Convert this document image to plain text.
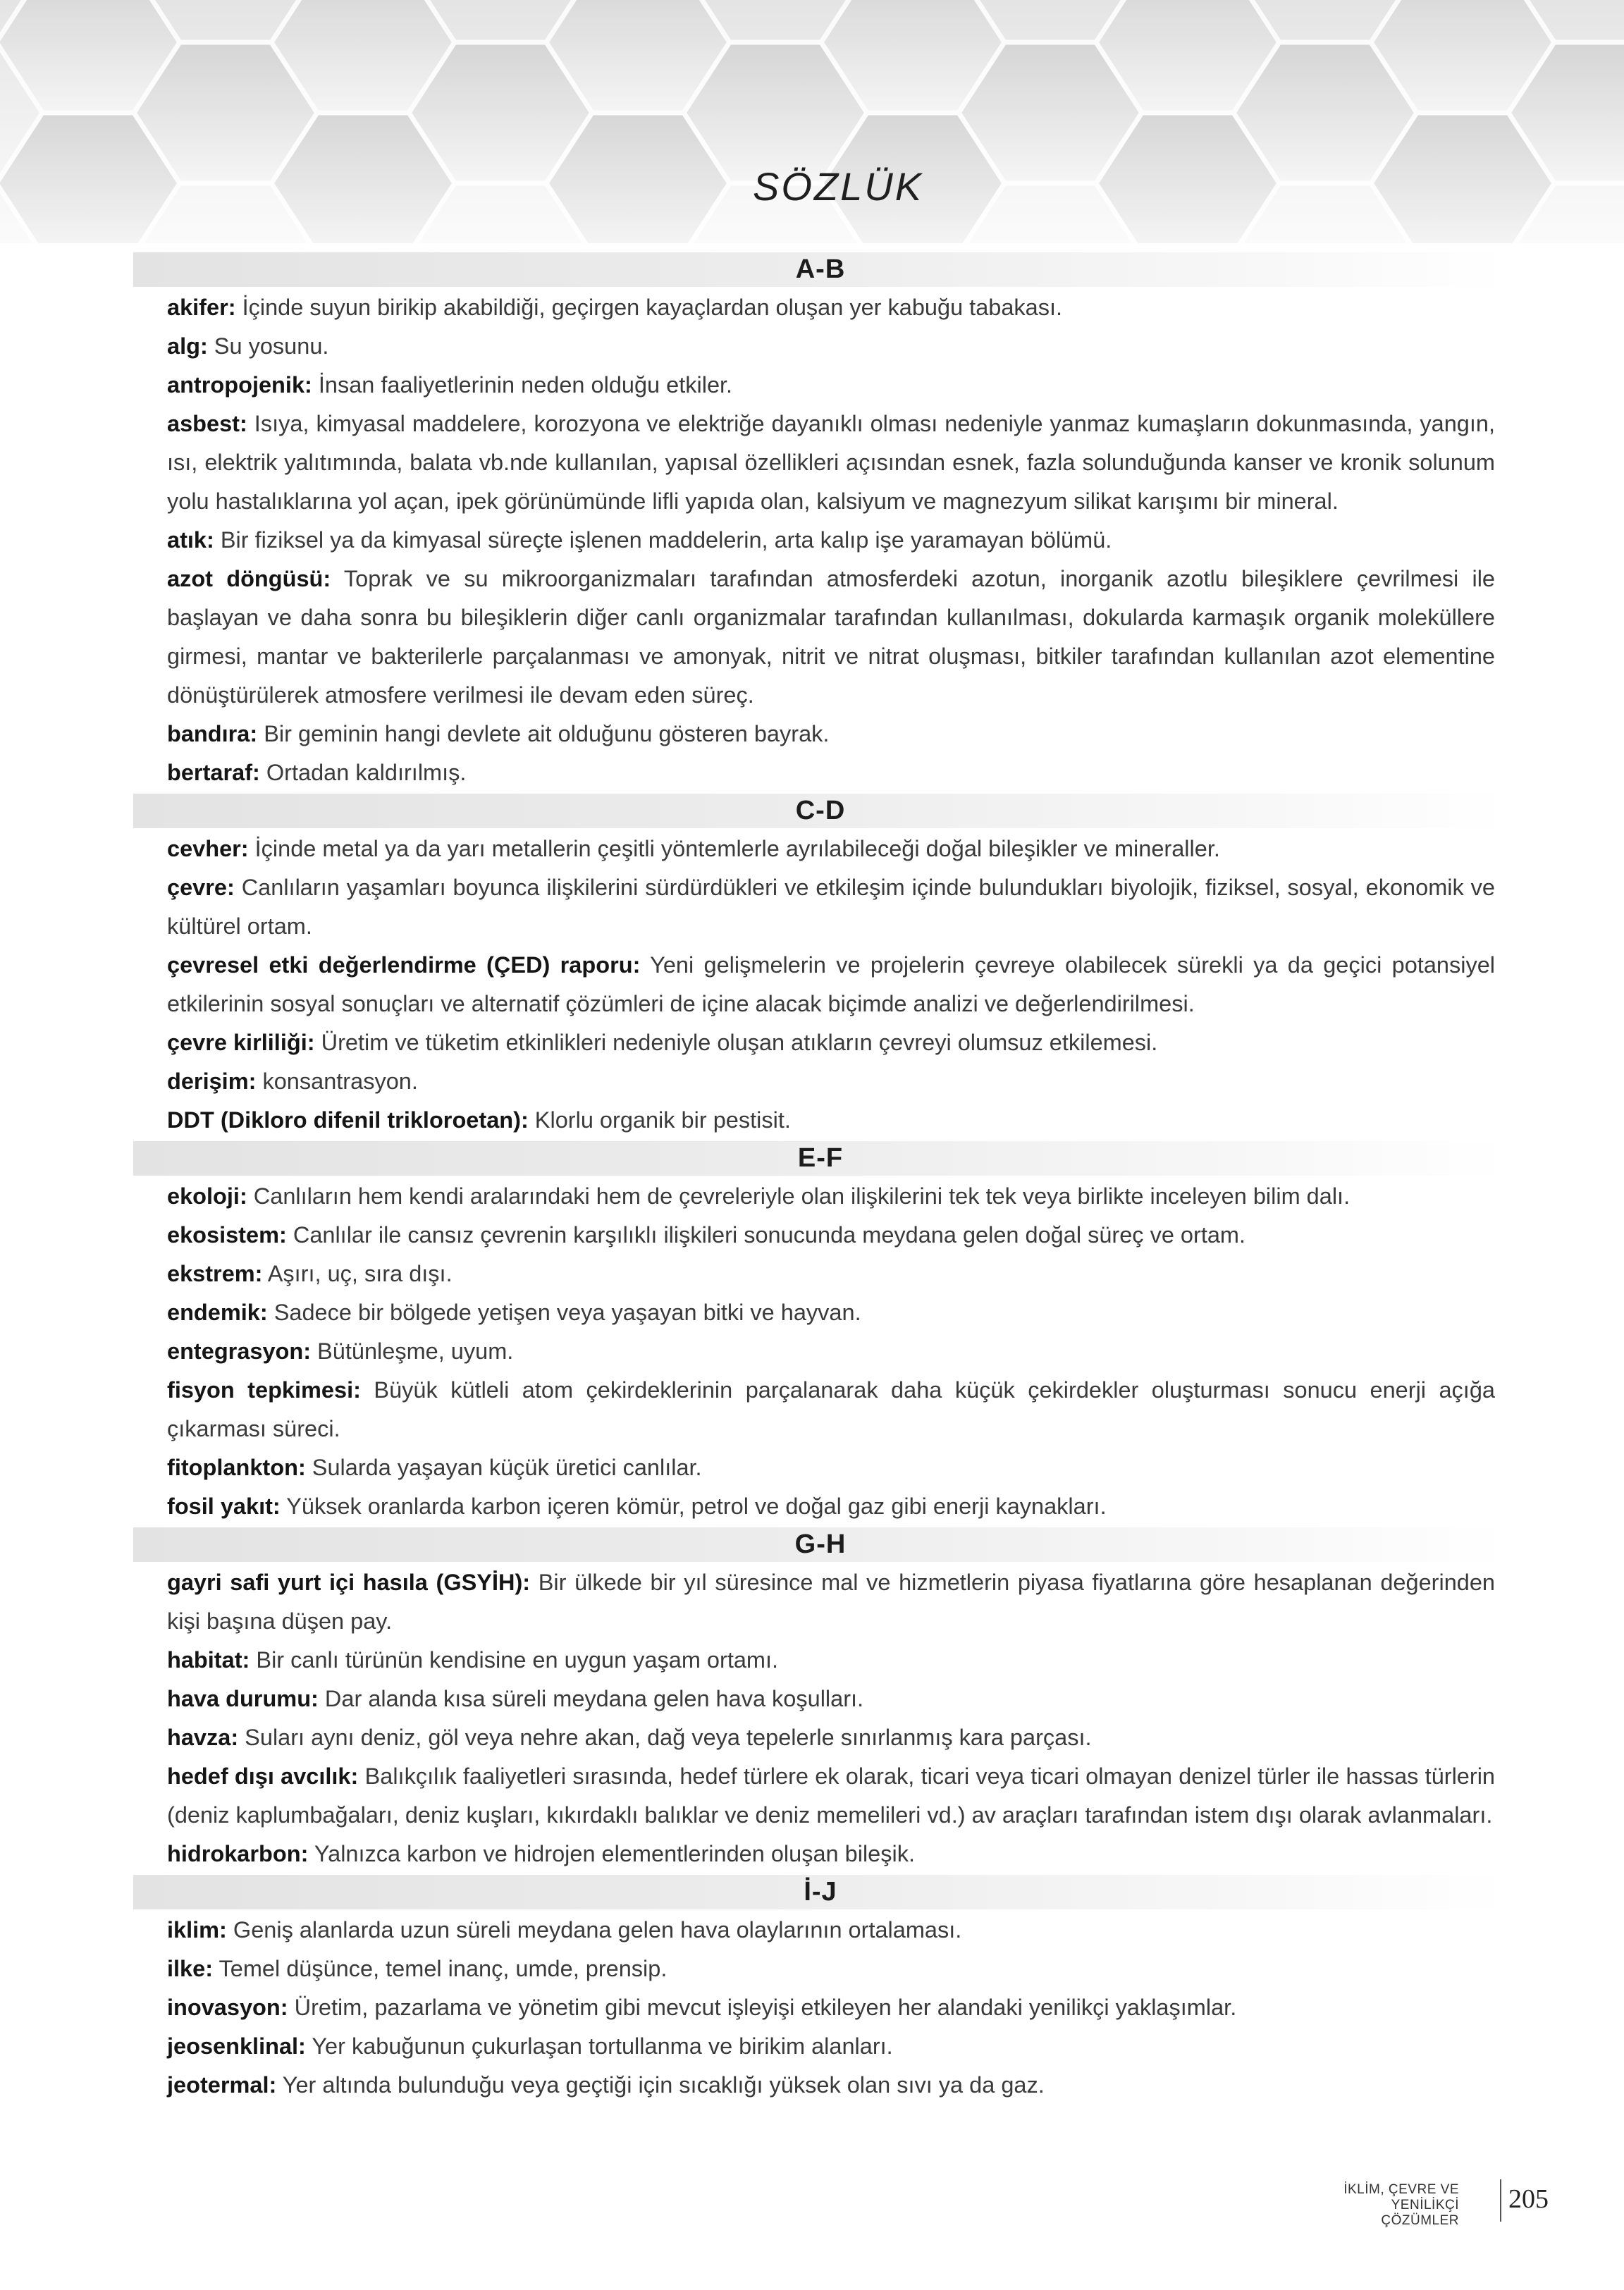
SÖZLÜK
A-B

akifer: İçinde suyun birikip akabildiği, geçirgen kayaçlardan oluşan yer kabuğu tabakası.

alg: Su yosunu.

antropojenik: İnsan faaliyetlerinin neden olduğu etkiler.

asbest: Isıya, kimyasal maddelere, korozyona ve elektriğe dayanıklı olması nedeniyle yanmaz kumaşların dokunmasında, yangın, ısı, elektrik yalıtımında, balata vb.nde kullanılan, yapısal özellikleri açısından esnek, fazla solunduğunda kanser ve kronik solunum yolu hastalıklarına yol açan, ipek görünümünde lifli yapıda olan, kalsiyum ve magnezyum silikat karışımı bir mineral.

atık: Bir fiziksel ya da kimyasal süreçte işlenen maddelerin, arta kalıp işe yaramayan bölümü.

azot döngüsü: Toprak ve su mikroorganizmaları tarafından atmosferdeki azotun, inorganik azotlu bileşiklere çevrilmesi ile başlayan ve daha sonra bu bileşiklerin diğer canlı organizmalar tarafından kullanılması, dokularda karmaşık organik moleküllere girmesi, mantar ve bakterilerle parçalanması ve amonyak, nitrit ve nitrat oluşması, bitkiler tarafından kullanılan azot elementine dönüştürülerek atmosfere verilmesi ile devam eden süreç.

bandıra: Bir geminin hangi devlete ait olduğunu gösteren bayrak.

bertaraf: Ortadan kaldırılmış.

C-D

cevher: İçinde metal ya da yarı metallerin çeşitli yöntemlerle ayrılabileceği doğal bileşikler ve mineraller.

çevre: Canlıların yaşamları boyunca ilişkilerini sürdürdükleri ve etkileşim içinde bulundukları biyolojik, fiziksel, sosyal, ekonomik ve kültürel ortam.

çevresel etki değerlendirme (ÇED) raporu: Yeni gelişmelerin ve projelerin çevreye olabilecek sürekli ya da geçici potansiyel etkilerinin sosyal sonuçları ve alternatif çözümleri de içine alacak biçimde analizi ve değerlendirilmesi.

çevre kirliliği: Üretim ve tüketim etkinlikleri nedeniyle oluşan atıkların çevreyi olumsuz etkilemesi.

derişim: konsantrasyon.

DDT (Dikloro difenil trikloroetan): Klorlu organik bir pestisit.

E-F

ekoloji: Canlıların hem kendi aralarındaki hem de çevreleriyle olan ilişkilerini tek tek veya birlikte inceleyen bilim dalı.

ekosistem: Canlılar ile cansız çevrenin karşılıklı ilişkileri sonucunda meydana gelen doğal süreç ve ortam.

ekstrem: Aşırı, uç, sıra dışı.

endemik: Sadece bir bölgede yetişen veya yaşayan bitki ve hayvan.

entegrasyon: Bütünleşme, uyum.

fisyon tepkimesi: Büyük kütleli atom çekirdeklerinin parçalanarak daha küçük çekirdekler oluşturması sonucu enerji açığa çıkarması süreci.

fitoplankton: Sularda yaşayan küçük üretici canlılar.

fosil yakıt: Yüksek oranlarda karbon içeren kömür, petrol ve doğal gaz gibi enerji kaynakları.

G-H

gayri safi yurt içi hasıla (GSYİH): Bir ülkede bir yıl süresince mal ve hizmetlerin piyasa fiyatlarına göre hesaplanan değerinden kişi başına düşen pay.

habitat: Bir canlı türünün kendisine en uygun yaşam ortamı.

hava durumu: Dar alanda kısa süreli meydana gelen hava koşulları.

havza: Suları aynı deniz, göl veya nehre akan, dağ veya tepelerle sınırlanmış kara parçası.

hedef dışı avcılık: Balıkçılık faaliyetleri sırasında, hedef türlere ek olarak, ticari veya ticari olmayan denizel türler ile hassas türlerin (deniz kaplumbağaları, deniz kuşları, kıkırdaklı balıklar ve deniz memelileri vd.) av araçları tarafından istem dışı olarak avlanmaları.

hidrokarbon: Yalnızca karbon ve hidrojen elementlerinden oluşan bileşik.

İ-J

iklim: Geniş alanlarda uzun süreli meydana gelen hava olaylarının ortalaması.

ilke: Temel düşünce, temel inanç, umde, prensip.

inovasyon: Üretim, pazarlama ve yönetim gibi mevcut işleyişi etkileyen her alandaki yenilikçi yaklaşımlar.

jeosenklinal: Yer kabuğunun çukurlaşan tortullanma ve birikim alanları.

jeotermal: Yer altında bulunduğu veya geçtiği için sıcaklığı yüksek olan sıvı ya da gaz.

İKLİM, ÇEVRE VE
YENİLİKÇİ ÇÖZÜMLER
205
